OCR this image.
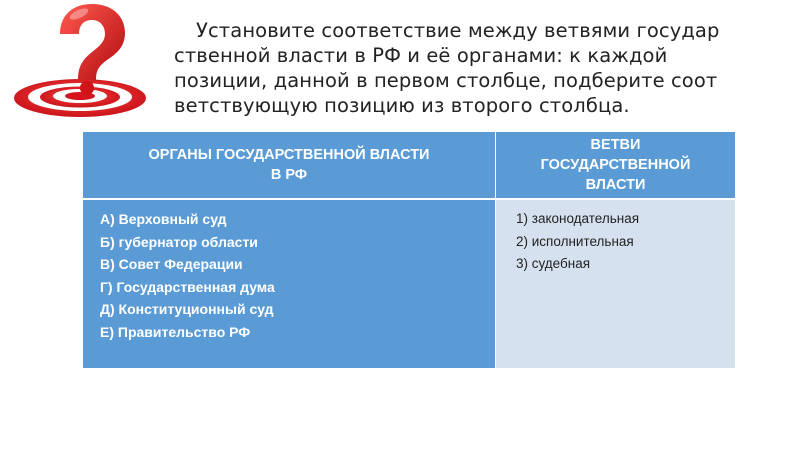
Установите соответствие между ветвями государ
ственной власти в РФ и её органами: к каждой
позиции, данной в первом столбце, подберите соот
ветствующую позицию из второго столбца.

ОРГАНЫ ГОСУДАРСТВЕННОЙ ВЛАСТИ
В РФ
ВЕТВИ
ГОСУДАРСТВЕННОЙ
ВЛАСТИ
А) Верховный суд
Б) губернатор области
В) Совет Федерации
Г) Государственная дума
Д) Конституционный суд
Е) Правительство РФ
1) законодательная
2) исполнительная
3) судебная
